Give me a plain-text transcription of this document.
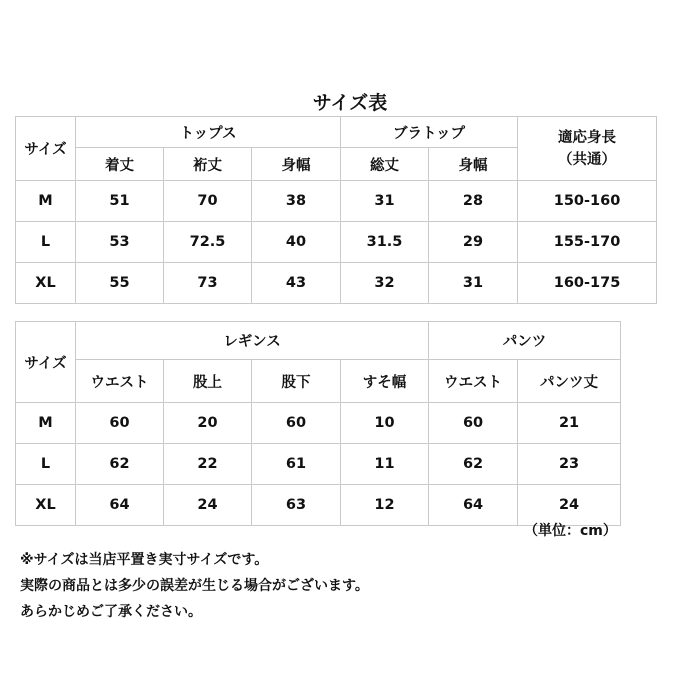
サイズ表
サイズ	トップス			ブラトップ		適応身長
（共通）

	着丈	裄丈	身幅	総丈	身幅	
M	51	70	38	31	28	150-160
L	53	72.5	40	31.5	29	155-170
XL	55	73	43	32	31	160-175
サイズ	レギンス				パンツ	
	ウエスト	股上	股下	すそ幅	ウエスト	パンツ丈
M	60	20	60	10	60	21
L	62	22	61	11	62	23
XL	64	24	63	12	64	24
（単位：cm）
※サイズは当店平置き実寸サイズです。
実際の商品とは多少の誤差が生じる場合がございます。
あらかじめご了承ください。
